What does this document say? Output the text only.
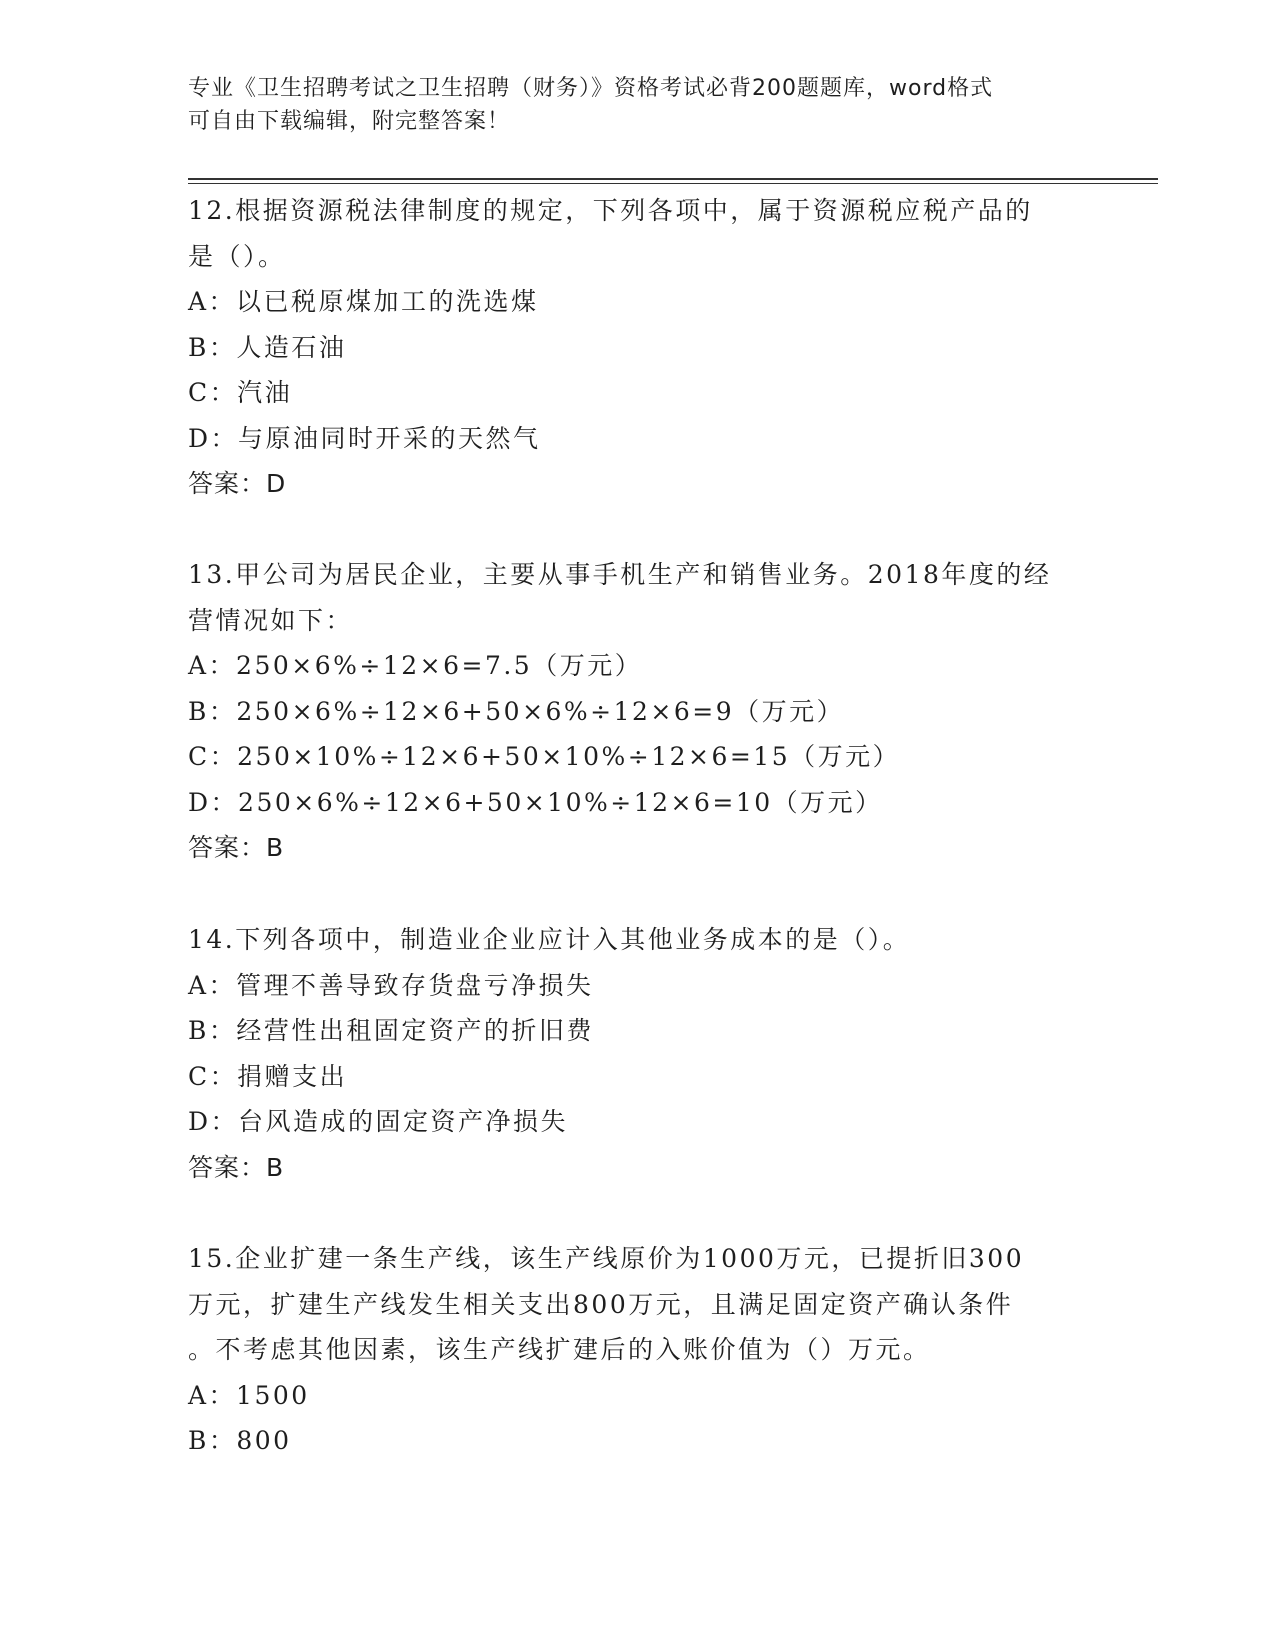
专业《卫生招聘考试之卫生招聘（财务）》资格考试必背200题题库，word格式
可自由下载编辑，附完整答案！
12.根据资源税法律制度的规定，下列各项中，属于资源税应税产品的
是（）。
A：以已税原煤加工的洗选煤
B：人造石油
C：汽油
D：与原油同时开采的天然气
答案：D
13.甲公司为居民企业，主要从事手机生产和销售业务。2018年度的经
营情况如下：
A：250×6%÷12×6=7.5（万元）
B：250×6%÷12×6+50×6%÷12×6=9（万元）
C：250×10%÷12×6+50×10%÷12×6=15（万元）
D：250×6%÷12×6+50×10%÷12×6=10（万元）
答案：B
14.下列各项中，制造业企业应计入其他业务成本的是（）。
A：管理不善导致存货盘亏净损失
B：经营性出租固定资产的折旧费
C：捐赠支出
D：台风造成的固定资产净损失
答案：B
15.企业扩建一条生产线，该生产线原价为1000万元，已提折旧300
万元，扩建生产线发生相关支出800万元，且满足固定资产确认条件
。不考虑其他因素，该生产线扩建后的入账价值为（）万元。
A：1500
B：800
